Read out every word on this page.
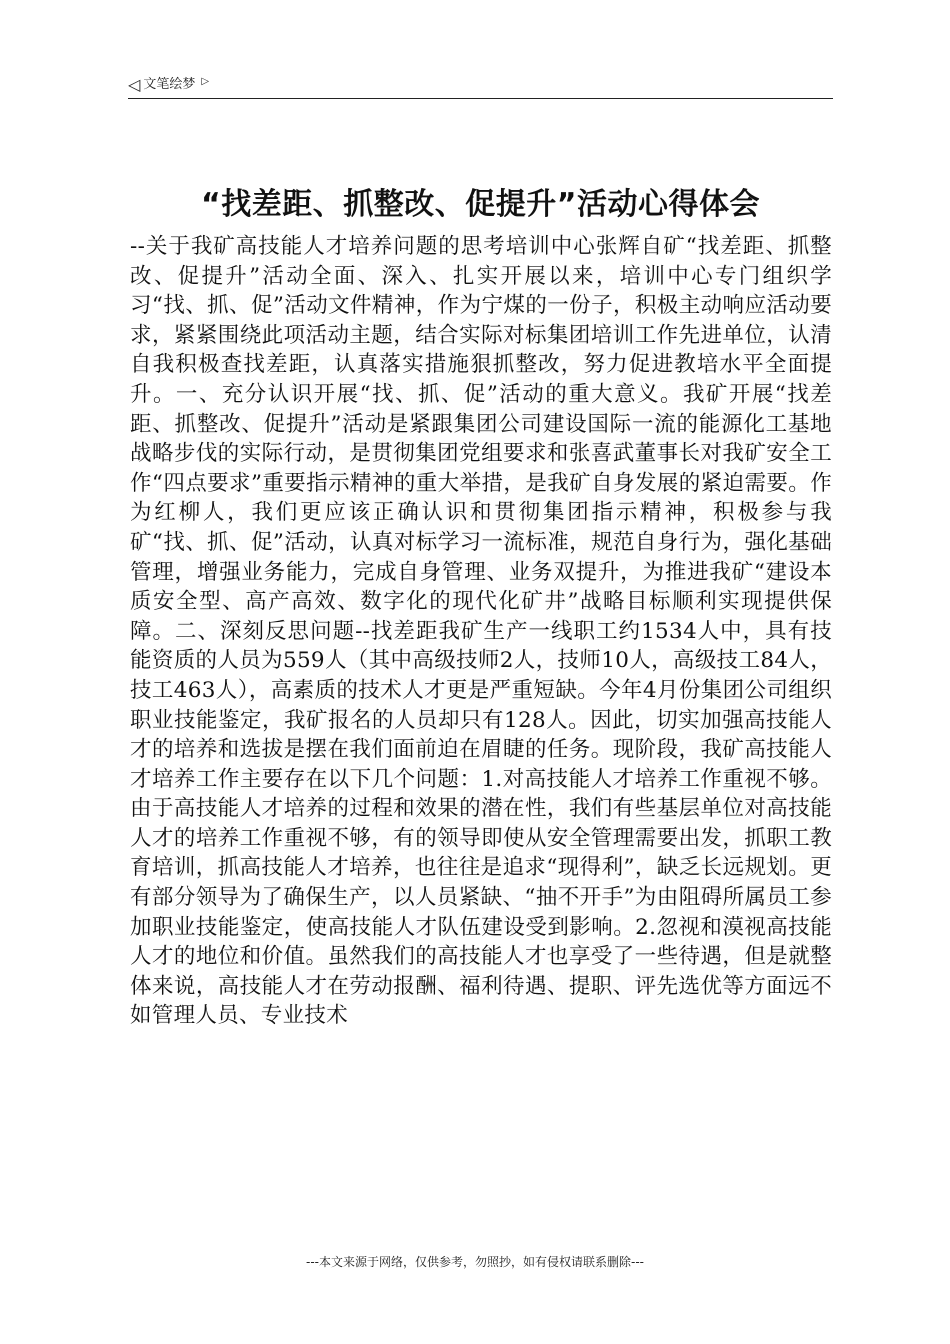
◁ 文笔绘梦 ▷
“找差距、抓整改、促提升”活动心得体会
--关于我矿高技能人才培养问题的思考培训中心张辉自矿“找差距、抓整改、促提升”活动全面、深入、扎实开展以来，培训中心专门组织学习“找、抓、促”活动文件精神，作为宁煤的一份子，积极主动响应活动要求，紧紧围绕此项活动主题，结合实际对标集团培训工作先进单位，认清自我积极查找差距，认真落实措施狠抓整改，努力促进教培水平全面提升。一、充分认识开展“找、抓、促”活动的重大意义。我矿开展“找差距、抓整改、促提升”活动是紧跟集团公司建设国际一流的能源化工基地战略步伐的实际行动，是贯彻集团党组要求和张喜武董事长对我矿安全工作“四点要求”重要指示精神的重大举措，是我矿自身发展的紧迫需要。作为红柳人，我们更应该正确认识和贯彻集团指示精神，积极参与我矿“找、抓、促”活动，认真对标学习一流标准，规范自身行为，强化基础管理，增强业务能力，完成自身管理、业务双提升，为推进我矿“建设本质安全型、高产高效、数字化的现代化矿井”战略目标顺利实现提供保障。二、深刻反思问题--找差距我矿生产一线职工约1534人中，具有技能资质的人员为559人（其中高级技师2人，技师10人，高级技工84人，技工463人），高素质的技术人才更是严重短缺。今年4月份集团公司组织职业技能鉴定，我矿报名的人员却只有128人。因此，切实加强高技能人才的培养和选拔是摆在我们面前迫在眉睫的任务。现阶段，我矿高技能人才培养工作主要存在以下几个问题：1.对高技能人才培养工作重视不够。由于高技能人才培养的过程和效果的潜在性，我们有些基层单位对高技能人才的培养工作重视不够，有的领导即使从安全管理需要出发，抓职工教育培训，抓高技能人才培养，也往往是追求“现得利”，缺乏长远规划。更有部分领导为了确保生产，以人员紧缺、“抽不开手”为由阻碍所属员工参加职业技能鉴定，使高技能人才队伍建设受到影响。2.忽视和漠视高技能人才的地位和价值。虽然我们的高技能人才也享受了一些待遇，但是就整体来说，高技能人才在劳动报酬、福利待遇、提职、评先选优等方面远不如管理人员、专业技术
---本文来源于网络，仅供参考，勿照抄，如有侵权请联系删除---
